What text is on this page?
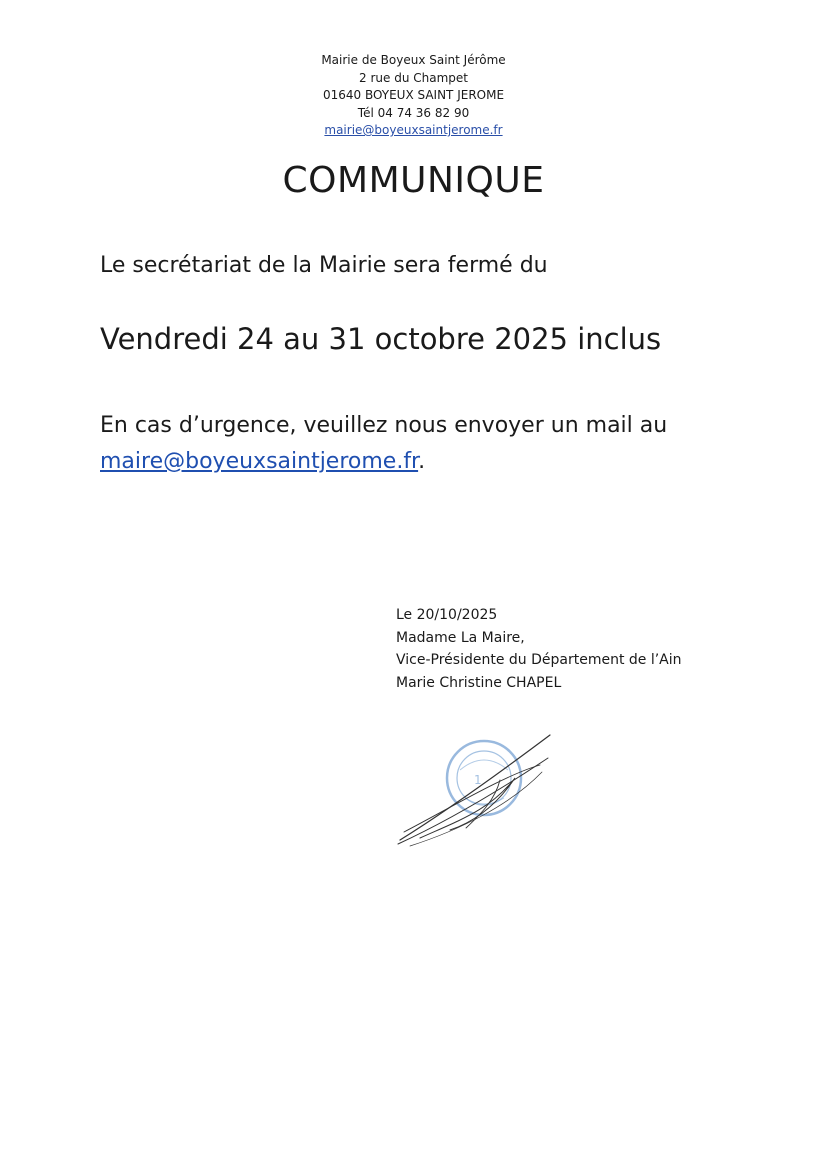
Mairie de Boyeux Saint Jérôme
2 rue du Champet
01640 BOYEUX SAINT JEROME
Tél 04 74 36 82 90
mairie@boyeuxsaintjerome.fr
COMMUNIQUE
Le secrétariat de la Mairie sera fermé du
Vendredi 24 au 31 octobre 2025 inclus
En cas d’urgence, veuillez nous envoyer un mail au
maire@boyeuxsaintjerome.fr.
Le 20/10/2025
Madame La Maire,
Vice-Présidente du Département de l’Ain
Marie Christine CHAPEL
1
